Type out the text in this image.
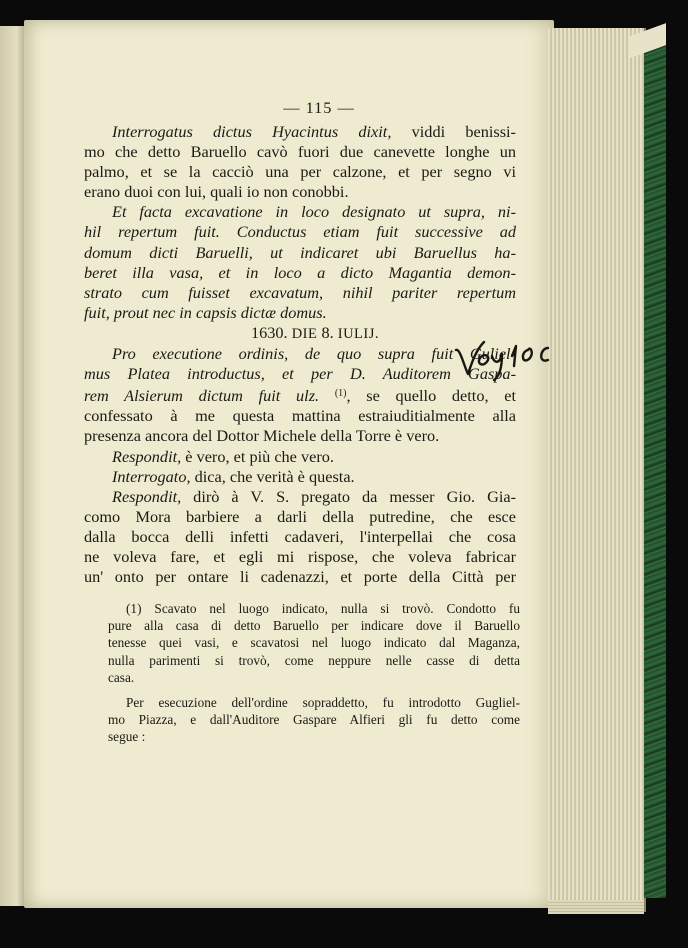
— 115 —
Interrogatus dictus Hyacintus dixit, viddi benissi-
mo che detto Baruello cavò fuori due canevette longhe un
palmo, et se la cacciò una per calzone, et per segno vi
erano duoi con lui, quali io non conobbi.
Et facta excavatione in loco designato ut supra, ni-
hil repertum fuit. Conductus etiam fuit successive ad
domum dicti Baruelli, ut indicaret ubi Baruellus ha-
beret illa vasa, et in loco a dicto Magantia demon-
strato cum fuisset excavatum, nihil pariter repertum
fuit, prout nec in capsis dictæ domus.
1630. DIE 8. IULIJ.
Pro executione ordinis, de quo supra fuit Guliel-
mus Platea introductus, et per D. Auditorem Gaspa-
rem Alsierum dictum fuit ulz. $^{(1)}$, se quello detto, et
confessato à me questa mattina estraiuditialmente alla
presenza ancora del Dottor Michele della Torre è vero.
Respondit, è vero, et più che vero.
Interrogato, dica, che verità è questa.
Respondit, dirò à V. S. pregato da messer Gio. Gia-
como Mora barbiere a darli della putredine, che esce
dalla bocca delli infetti cadaveri, l'interpellai che cosa
ne voleva fare, et egli mi rispose, che voleva fabricar
un' onto per ontare li cadenazzi, et porte della Città per
(1) Scavato nel luogo indicato, nulla si trovò. Condotto fu
pure alla casa di detto Baruello per indicare dove il Baruello
tenesse quei vasi, e scavatosi nel luogo indicato dal Maganza,
nulla parimenti si trovò, come neppure nelle casse di detta
casa.
Per esecuzione dell'ordine sopraddetto, fu introdotto Gugliel-
mo Piazza, e dall'Auditore Gaspare Alfieri gli fu detto come
segue :
